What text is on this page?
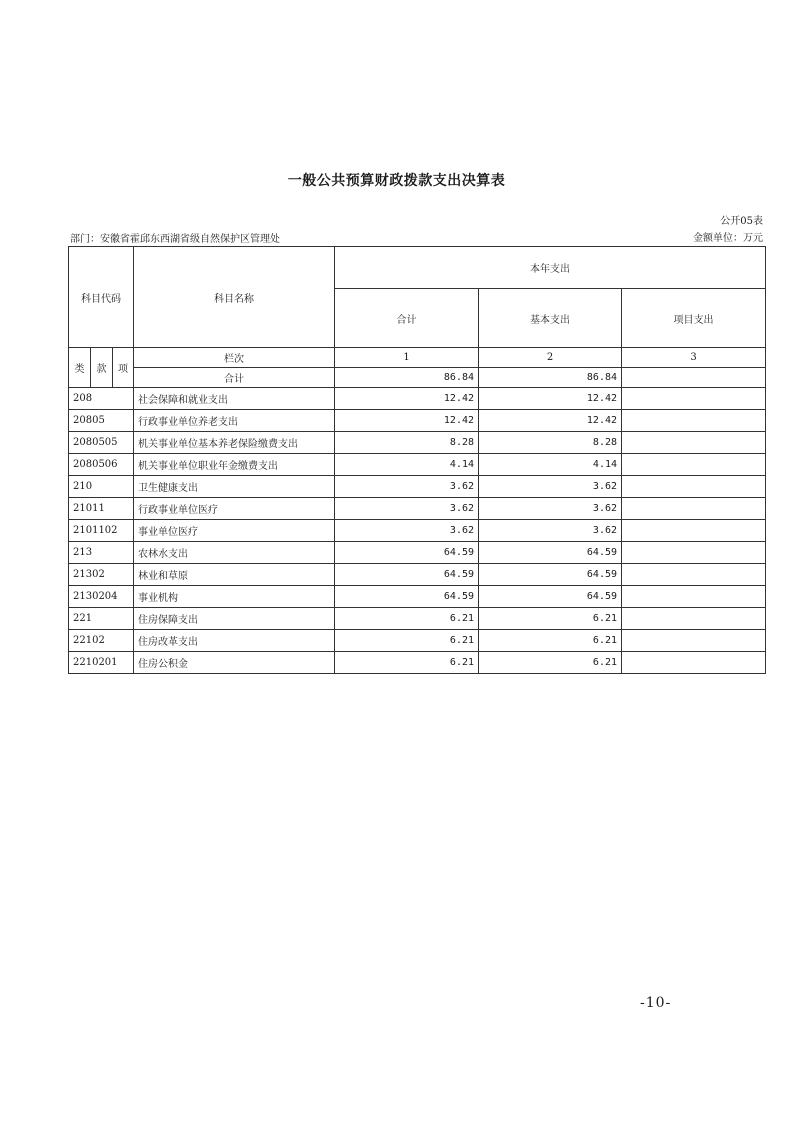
一般公共预算财政拨款支出决算表
公开05表
部门：安徽省霍邱东西湖省级自然保护区管理处	金额单位：万元
科目代码			科目名称	本年支出		
				合计	基本支出	项目支出
类	款	项	栏次	1	2	3
			合计	86.84	86.84	
208			社会保障和就业支出	12.42	12.42	
20805			行政事业单位养老支出	12.42	12.42	
2080505			机关事业单位基本养老保险缴费支出	8.28	8.28	
2080506			机关事业单位职业年金缴费支出	4.14	4.14	
210			卫生健康支出	3.62	3.62	
21011			行政事业单位医疗	3.62	3.62	
2101102			事业单位医疗	3.62	3.62	
213			农林水支出	64.59	64.59	
21302			林业和草原	64.59	64.59	
2130204			事业机构	64.59	64.59	
221			住房保障支出	6.21	6.21	
22102			住房改革支出	6.21	6.21	
2210201			住房公积金	6.21	6.21	
-10-
